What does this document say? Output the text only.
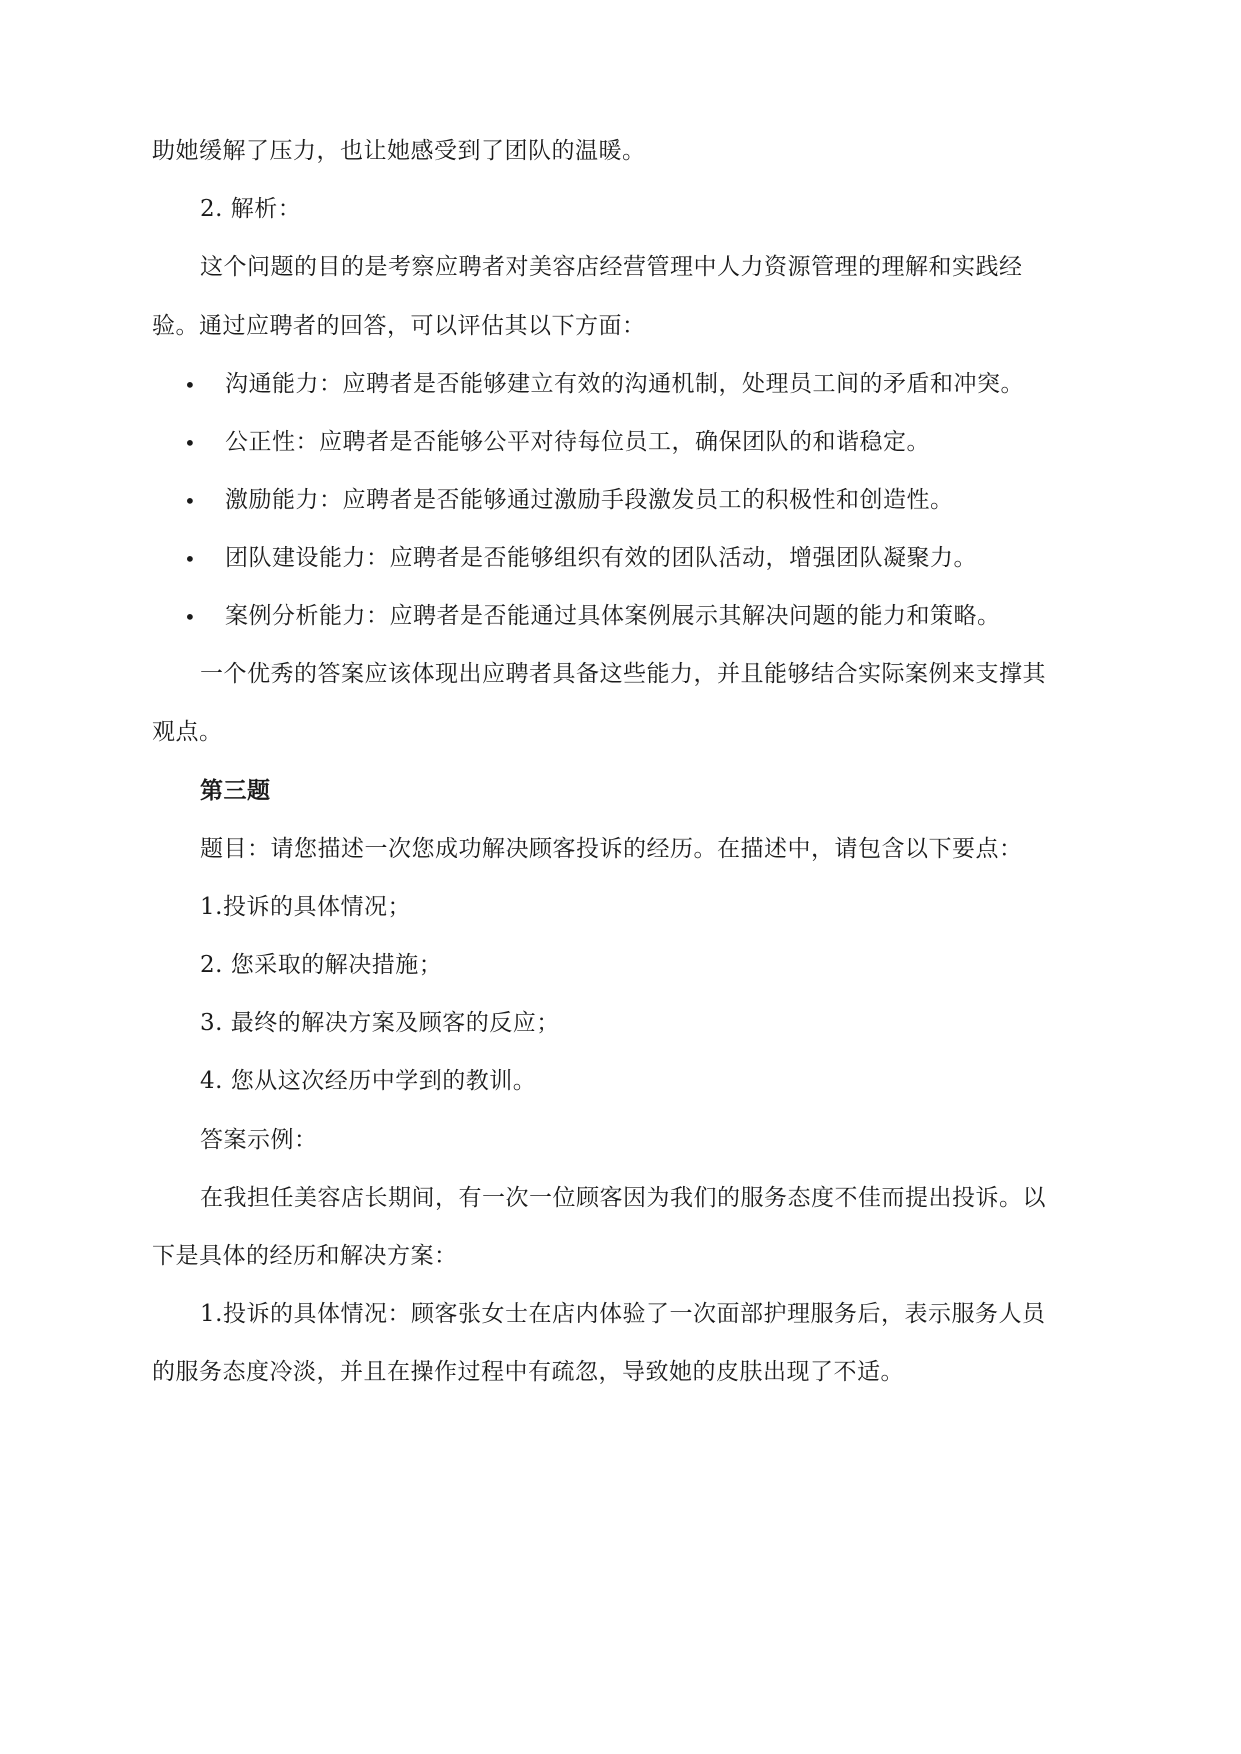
助她缓解了压力，也让她感受到了团队的温暖。
2. 解析：
这个问题的目的是考察应聘者对美容店经营管理中人力资源管理的理解和实践经
验。通过应聘者的回答，可以评估其以下方面：
• 沟通能力：应聘者是否能够建立有效的沟通机制，处理员工间的矛盾和冲突。
• 公正性：应聘者是否能够公平对待每位员工，确保团队的和谐稳定。
• 激励能力：应聘者是否能够通过激励手段激发员工的积极性和创造性。
• 团队建设能力：应聘者是否能够组织有效的团队活动，增强团队凝聚力。
• 案例分析能力：应聘者是否能通过具体案例展示其解决问题的能力和策略。
一个优秀的答案应该体现出应聘者具备这些能力，并且能够结合实际案例来支撑其
观点。
第三题
题目：请您描述一次您成功解决顾客投诉的经历。在描述中，请包含以下要点：
1.投诉的具体情况；
2. 您采取的解决措施；
3. 最终的解决方案及顾客的反应；
4. 您从这次经历中学到的教训。
答案示例：
在我担任美容店长期间，有一次一位顾客因为我们的服务态度不佳而提出投诉。以
下是具体的经历和解决方案：
1.投诉的具体情况：顾客张女士在店内体验了一次面部护理服务后，表示服务人员
的服务态度冷淡，并且在操作过程中有疏忽，导致她的皮肤出现了不适。
